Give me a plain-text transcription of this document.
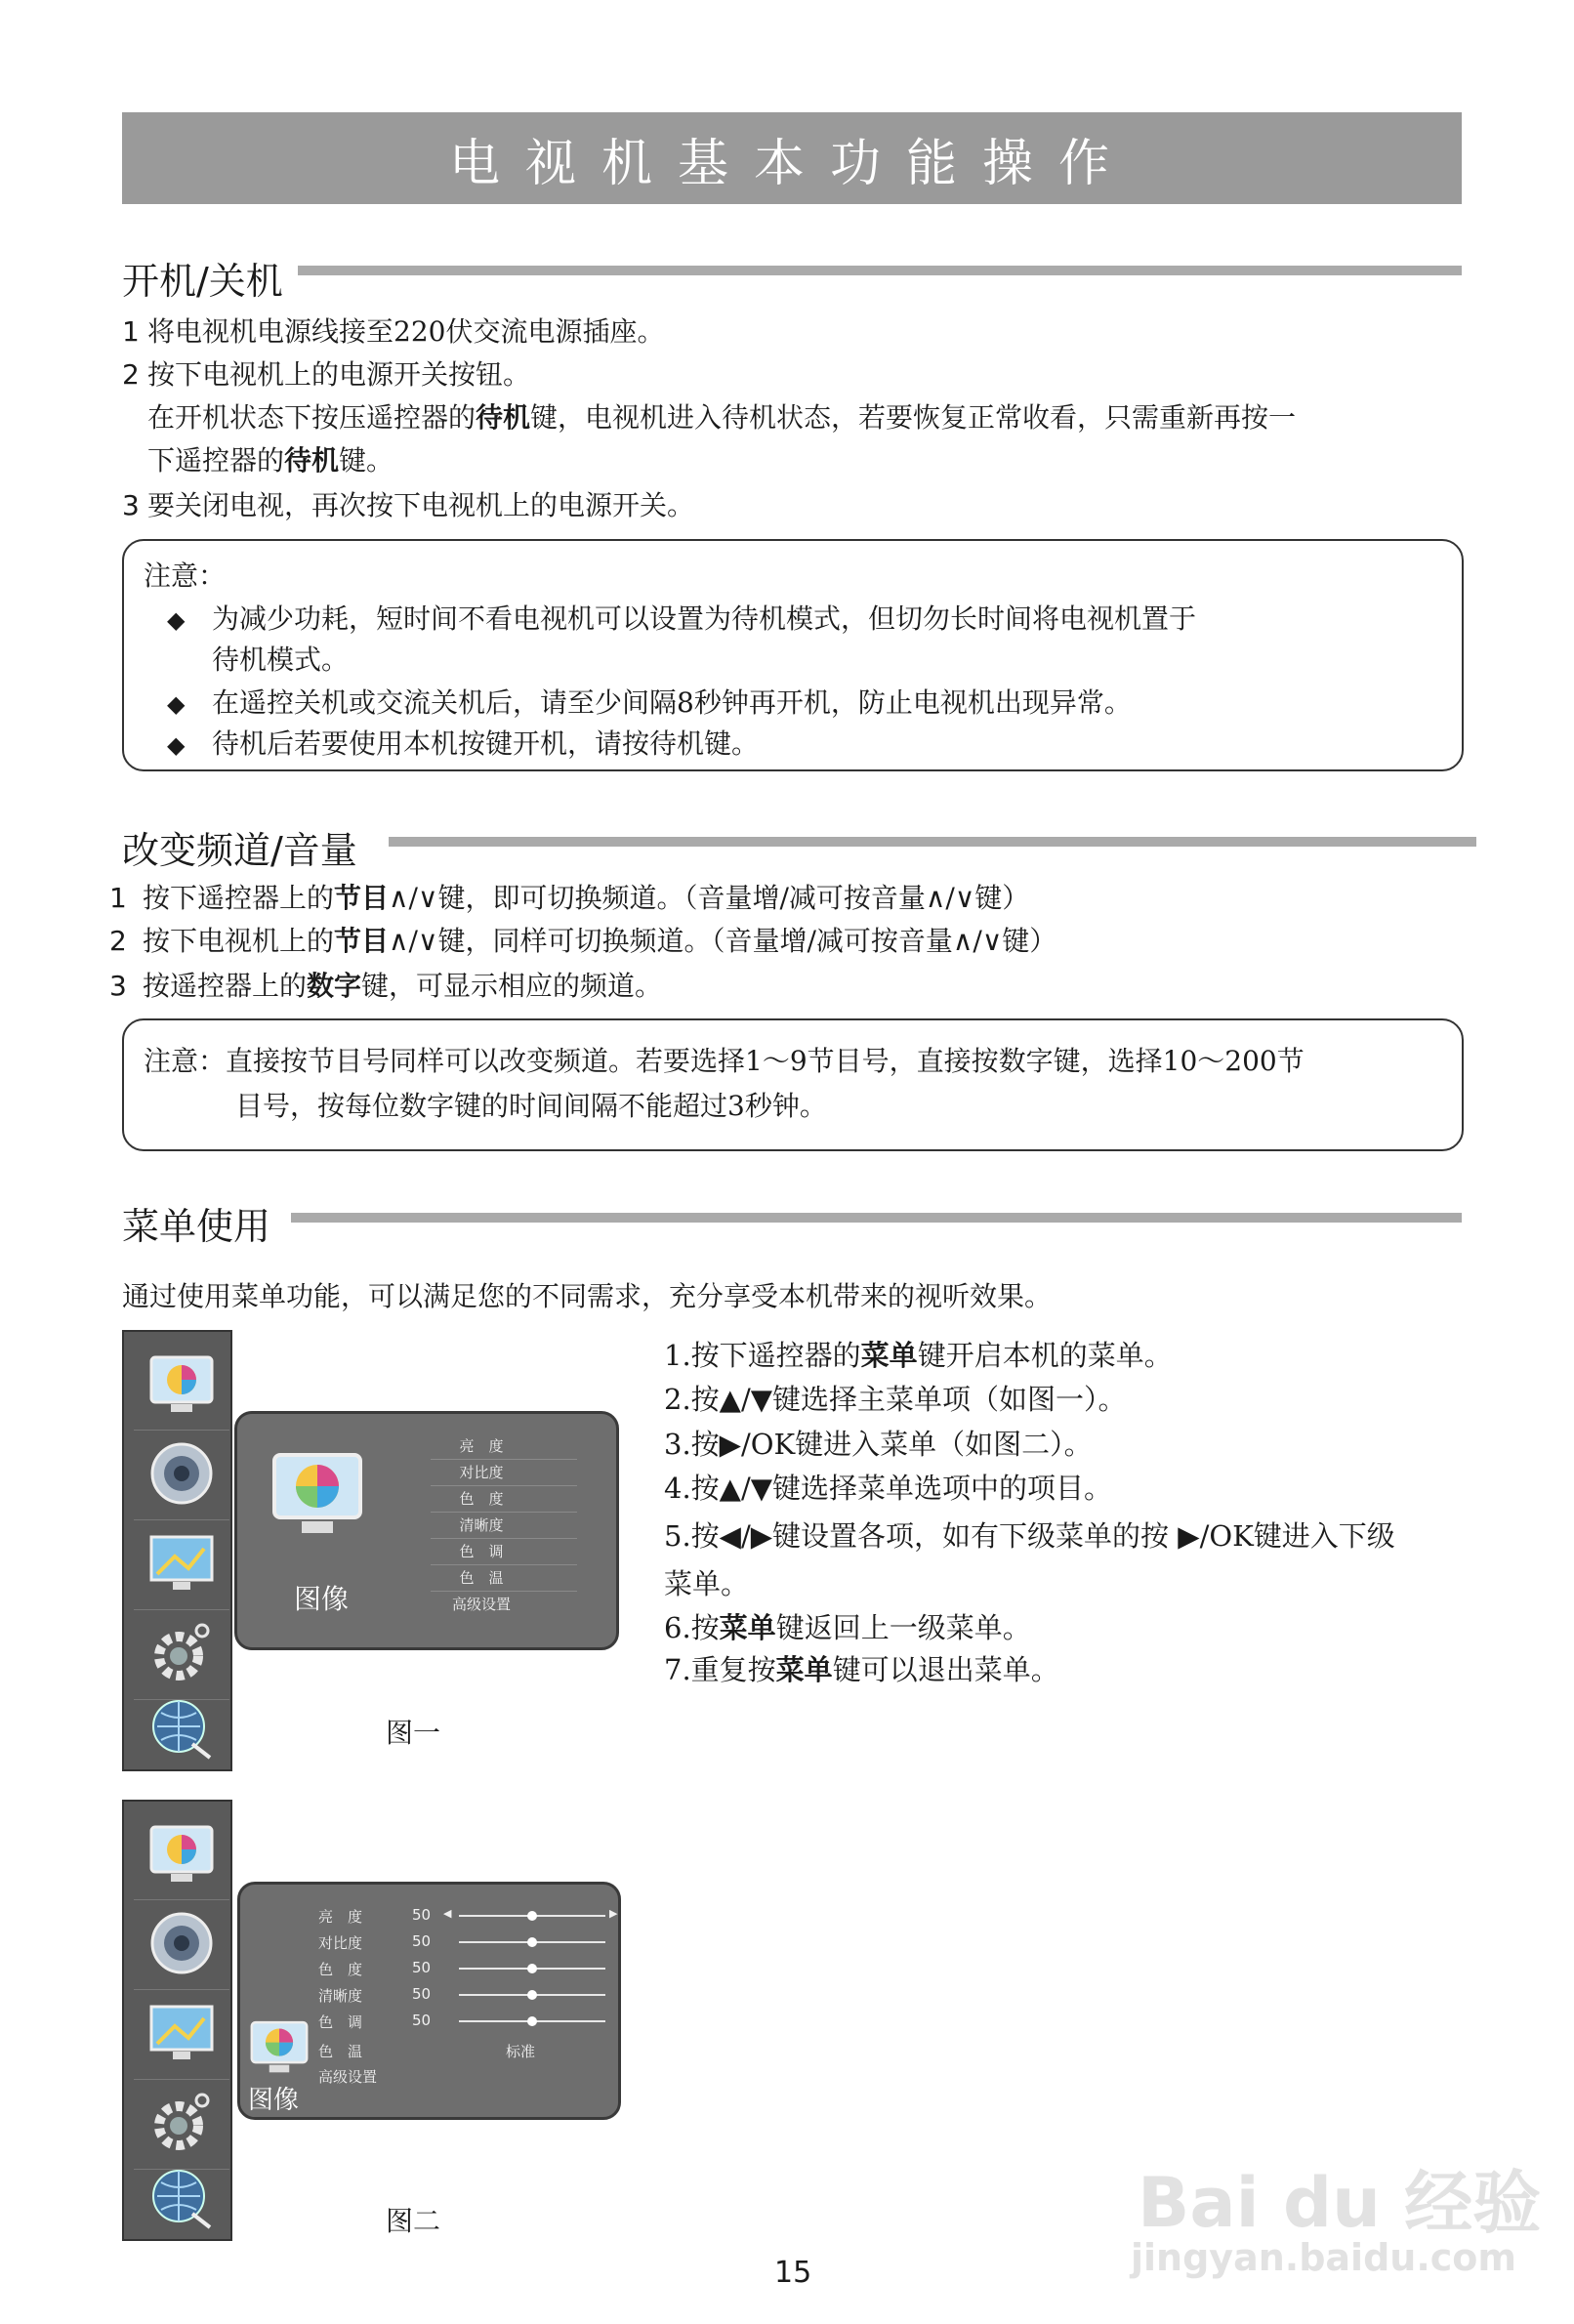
电视机基本功能操作
开机/关机
1 将电视机电源线接至220伏交流电源插座。
2 按下电视机上的电源开关按钮。
在开机状态下按压遥控器的待机键，电视机进入待机状态，若要恢复正常收看，只需重新再按一
下遥控器的待机键。
3 要关闭电视，再次按下电视机上的电源开关。
注意：
◆ 为减少功耗，短时间不看电视机可以设置为待机模式，但切勿长时间将电视机置于
待机模式。
◆ 在遥控关机或交流关机后，请至少间隔8秒钟再开机，防止电视机出现异常。
◆ 待机后若要使用本机按键开机，请按待机键。
改变频道/音量
1 按下遥控器上的节目∧/∨键，即可切换频道。（音量增/减可按音量∧/∨键）
2 按下电视机上的节目∧/∨键，同样可切换频道。（音量增/减可按音量∧/∨键）
3 按遥控器上的数字键，可显示相应的频道。
注意：直接按节目号同样可以改变频道。若要选择1～9节目号，直接按数字键，选择10～200节
目号，按每位数字键的时间间隔不能超过3秒钟。
菜单使用
通过使用菜单功能，可以满足您的不同需求，充分享受本机带来的视听效果。
图像
亮　度
对比度
色　度
清晰度
色　调
色　温
高级设置
图一
1.按下遥控器的菜单键开启本机的菜单。
2.按▲/▼键选择主菜单项（如图一）。
3.按▶/OK键进入菜单（如图二）。
4.按▲/▼键选择菜单选项中的项目。
5.按◀/▶键设置各项，如有下级菜单的按 ▶/OK键进入下级
菜单。
6.按菜单键返回上一级菜单。
7.重复按菜单键可以退出菜单。
图像
亮　度	50 ◀	▶
对比度	50
色　度	50
清晰度	50
色　调	50
色　温	标准
高级设置
图二
15
Bai du 经验
jingyan.baidu.com
